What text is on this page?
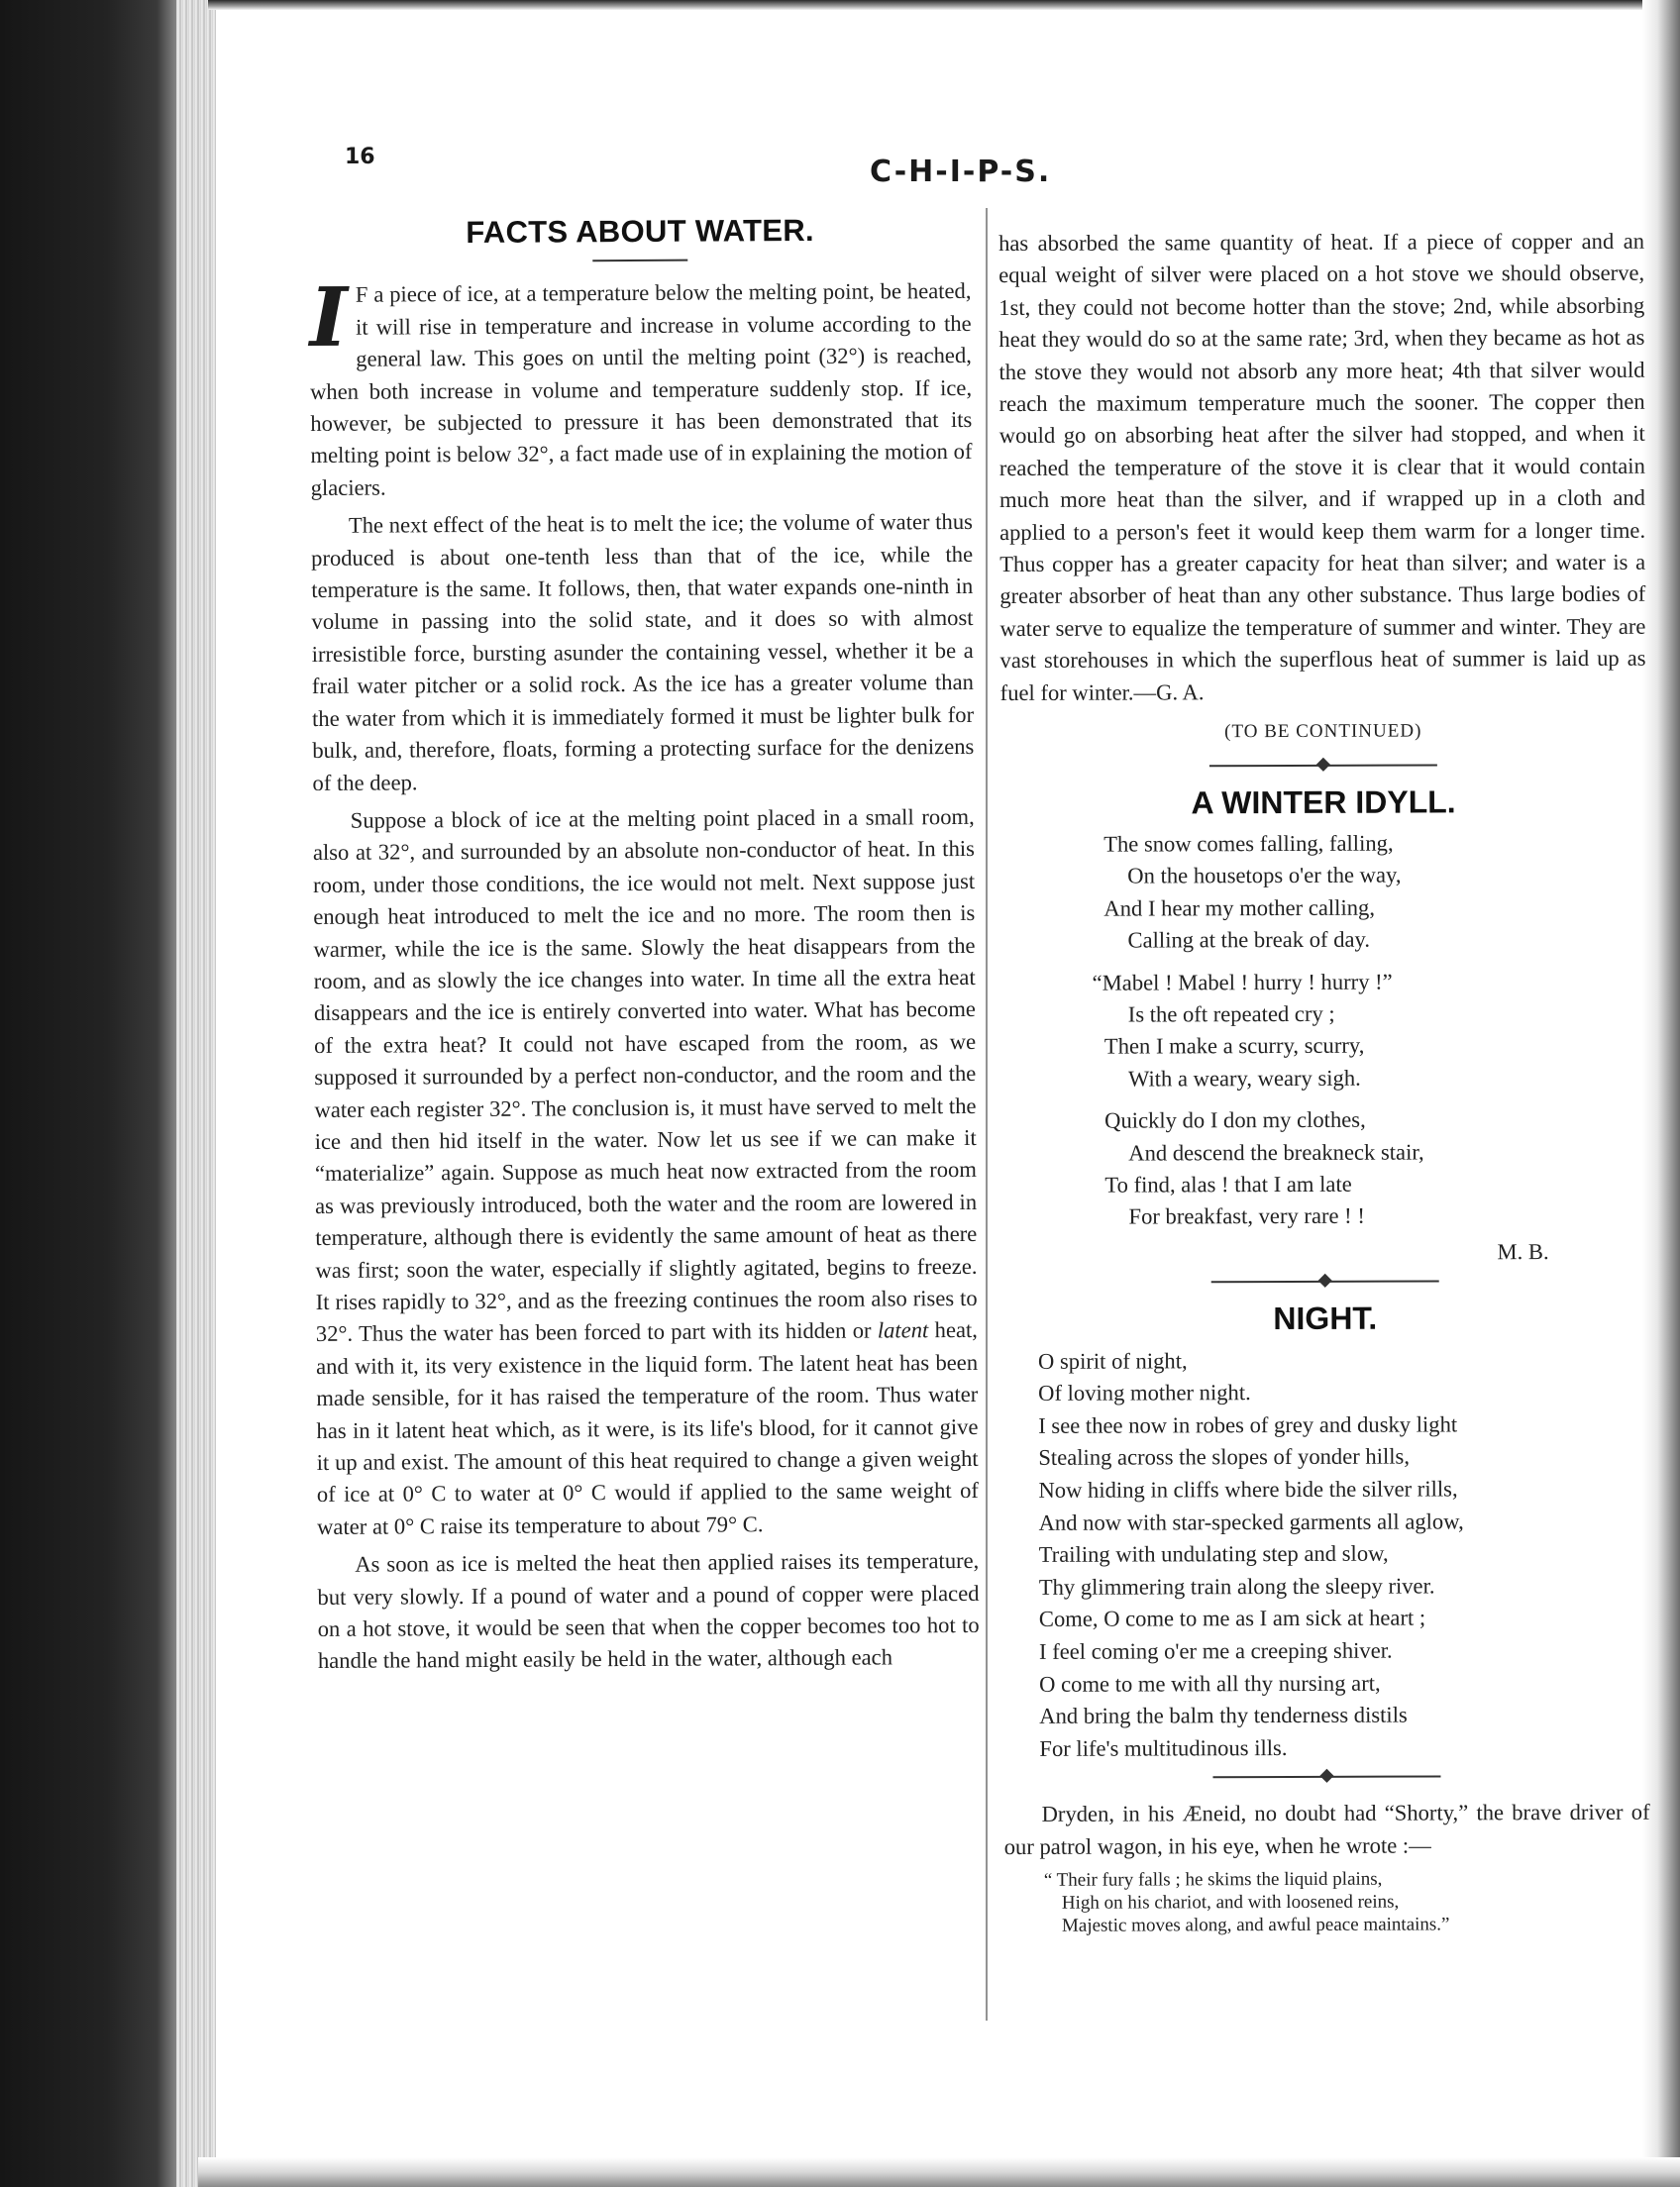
16	C-H-I-P-S.
FACTS ABOUT WATER.

I F a piece of ice, at a temperature below the melting point, be heated, it will rise in temperature and increase in volume according to the general law. This goes on until the melting point (32°) is reached, when both increase in volume and temperature suddenly stop. If ice, however, be subjected to pressure it has been demonstrated that its melting point is below 32°, a fact made use of in explaining the motion of glaciers.

The next effect of the heat is to melt the ice; the volume of water thus produced is about one-tenth less than that of the ice, while the temperature is the same. It follows, then, that water expands one-ninth in volume in passing into the solid state, and it does so with almost irresistible force, bursting asunder the containing vessel, whether it be a frail water pitcher or a solid rock. As the ice has a greater volume than the water from which it is immediately formed it must be lighter bulk for bulk, and, therefore, floats, forming a protecting surface for the denizens of the deep.

Suppose a block of ice at the melting point placed in a small room, also at 32°, and surrounded by an absolute non-conductor of heat. In this room, under those conditions, the ice would not melt. Next suppose just enough heat introduced to melt the ice and no more. The room then is warmer, while the ice is the same. Slowly the heat disappears from the room, and as slowly the ice changes into water. In time all the extra heat disappears and the ice is entirely converted into water. What has become of the extra heat? It could not have escaped from the room, as we supposed it surrounded by a perfect non-conductor, and the room and the water each register 32°. The conclusion is, it must have served to melt the ice and then hid itself in the water. Now let us see if we can make it “materialize” again. Suppose as much heat now extracted from the room as was previously introduced, both the water and the room are lowered in temperature, although there is evidently the same amount of heat as there was first; soon the water, especially if slightly agitated, begins to freeze. It rises rapidly to 32°, and as the freezing continues the room also rises to 32°. Thus the water has been forced to part with its hidden or latent heat, and with it, its very existence in the liquid form. The latent heat has been made sensible, for it has raised the temperature of the room. Thus water has in it latent heat which, as it were, is its life's blood, for it cannot give it up and exist. The amount of this heat required to change a given weight of ice at 0° C to water at 0° C would if applied to the same weight of water at 0° C raise its temperature to about 79° C.

As soon as ice is melted the heat then applied raises its temperature, but very slowly. If a pound of water and a pound of copper were placed on a hot stove, it would be seen that when the copper becomes too hot to handle the hand might easily be held in the water, although each

has absorbed the same quantity of heat. If a piece of copper and an equal weight of silver were placed on a hot stove we should observe, 1st, they could not become hotter than the stove; 2nd, while absorbing heat they would do so at the same rate; 3rd, when they became as hot as the stove they would not absorb any more heat; 4th that silver would reach the maximum temperature much the sooner. The copper then would go on absorbing heat after the silver had stopped, and when it reached the temperature of the stove it is clear that it would contain much more heat than the silver, and if wrapped up in a cloth and applied to a person's feet it would keep them warm for a longer time. Thus copper has a greater capacity for heat than silver; and water is a greater absorber of heat than any other substance. Thus large bodies of water serve to equalize the temperature of summer and winter. They are vast storehouses in which the superflous heat of summer is laid up as fuel for winter.—G. A.

(TO BE CONTINUED)
A WINTER IDYLL.
The snow comes falling, falling,
On the housetops o'er the way,
And I hear my mother calling,
Calling at the break of day.
“Mabel ! Mabel ! hurry ! hurry !”
Is the oft repeated cry ;
Then I make a scurry, scurry,
With a weary, weary sigh.
Quickly do I don my clothes,
And descend the breakneck stair,
To find, alas ! that I am late
For breakfast, very rare ! !
M. B.
NIGHT.
O spirit of night,
Of loving mother night.
I see thee now in robes of grey and dusky light
Stealing across the slopes of yonder hills,
Now hiding in cliffs where bide the silver rills,
And now with star-specked garments all aglow,
Trailing with undulating step and slow,
Thy glimmering train along the sleepy river.
Come, O come to me as I am sick at heart ;
I feel coming o'er me a creeping shiver.
O come to me with all thy nursing art,
And bring the balm thy tenderness distils
For life's multitudinous ills.

Dryden, in his Æneid, no doubt had “Shorty,” the brave driver of our patrol wagon, in his eye, when he wrote :—

“ Their fury falls ; he skims the liquid plains,
High on his chariot, and with loosened reins,
Majestic moves along, and awful peace maintains.”
